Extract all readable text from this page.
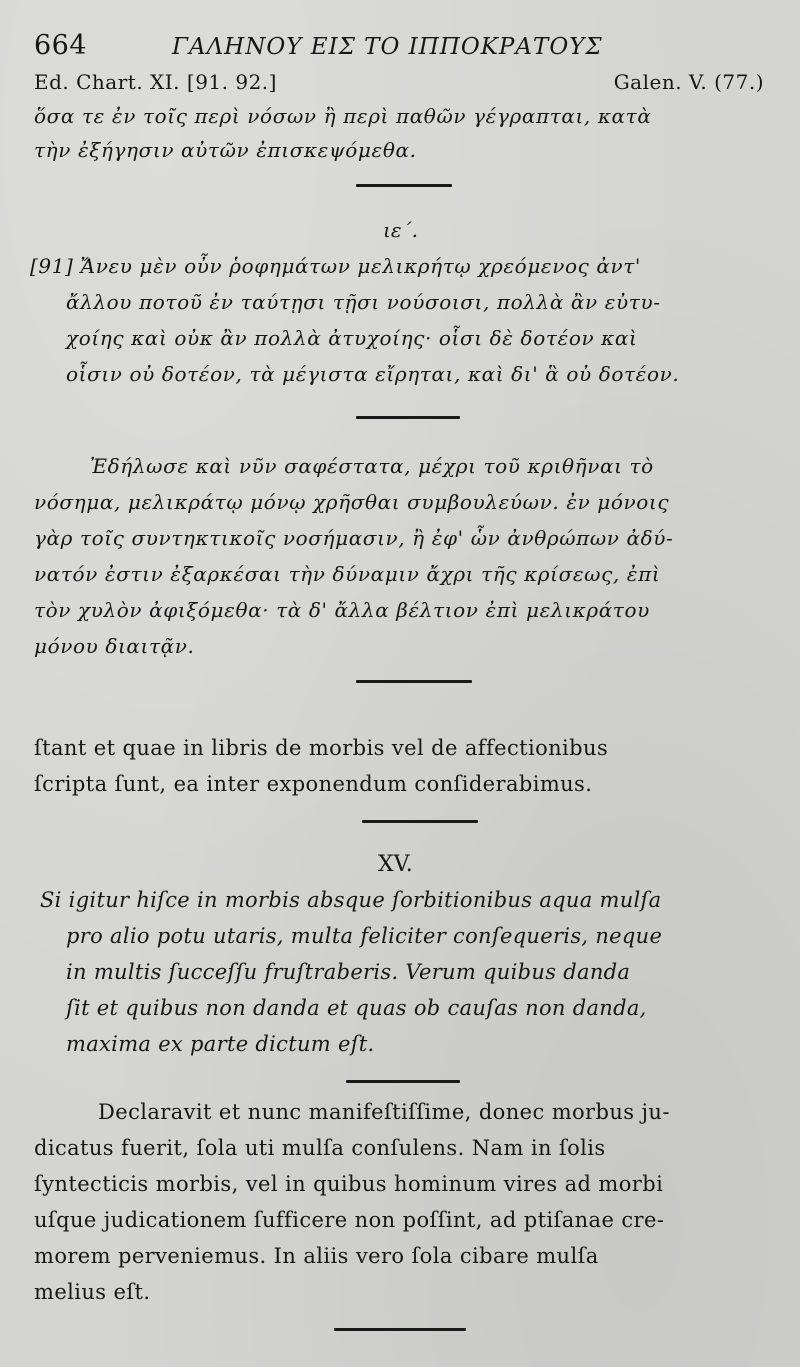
664	ΓΑΛΗΝΟΥ ΕΙΣ ΤΟ ΙΠΠΟΚΡΑΤΟΥΣ
Ed. Chart. XI. [91. 92.]	Galen. V. (77.)
ὅσα τε ἐν τοῖς περὶ νόσων ἢ περὶ παθῶν γέγραπται, κατὰ
τὴν ἐξήγησιν αὐτῶν ἐπισκεψόμεθα.
ιε΄.
[91] Ἄνευ μὲν οὖν ῥοφημάτων μελικρήτῳ χρεόμενος ἀντ'
ἄλλου ποτοῦ ἐν ταύτῃσι τῇσι νούσοισι, πολλὰ ἂν εὐτυ-
χοίης καὶ οὐκ ἂν πολλὰ ἀτυχοίης· οἷσι δὲ δοτέον καὶ
οἷσιν οὐ δοτέον, τὰ μέγιστα εἴρηται, καὶ δι' ἃ οὐ δοτέον.
Ἐδήλωσε καὶ νῦν σαφέστατα, μέχρι τοῦ κριθῆναι τὸ
νόσημα, μελικράτῳ μόνῳ χρῆσθαι συμβουλεύων. ἐν μόνοις
γὰρ τοῖς συντηκτικοῖς νοσήμασιν, ἢ ἐφ' ὧν ἀνθρώπων ἀδύ-
νατόν ἐστιν ἐξαρκέσαι τὴν δύναμιν ἄχρι τῆς κρίσεως, ἐπὶ
τὸν χυλὸν ἀφιξόμεθα· τὰ δ' ἄλλα βέλτιον ἐπὶ μελικράτου
μόνου διαιτᾷν.
ſtant et quae in libris de morbis vel de affectionibus
ſcripta ſunt, ea inter exponendum conſiderabimus.
XV.
Si igitur hiſce in morbis absque ſorbitionibus aqua mulſa
pro alio potu utaris, multa feliciter conſequeris, neque
in multis ſucceſſu fruſtraberis. Verum quibus danda
ſit et quibus non danda et quas ob cauſas non danda,
maxima ex parte dictum eſt.
Declaravit et nunc manifeſtiſſime, donec morbus ju-
dicatus fuerit, ſola uti mulſa conſulens. Nam in ſolis
ſyntecticis morbis, vel in quibus hominum vires ad morbi
uſque judicationem ſufficere non poſſint, ad ptiſanae cre-
morem perveniemus. In aliis vero ſola cibare mulſa
melius eſt.
